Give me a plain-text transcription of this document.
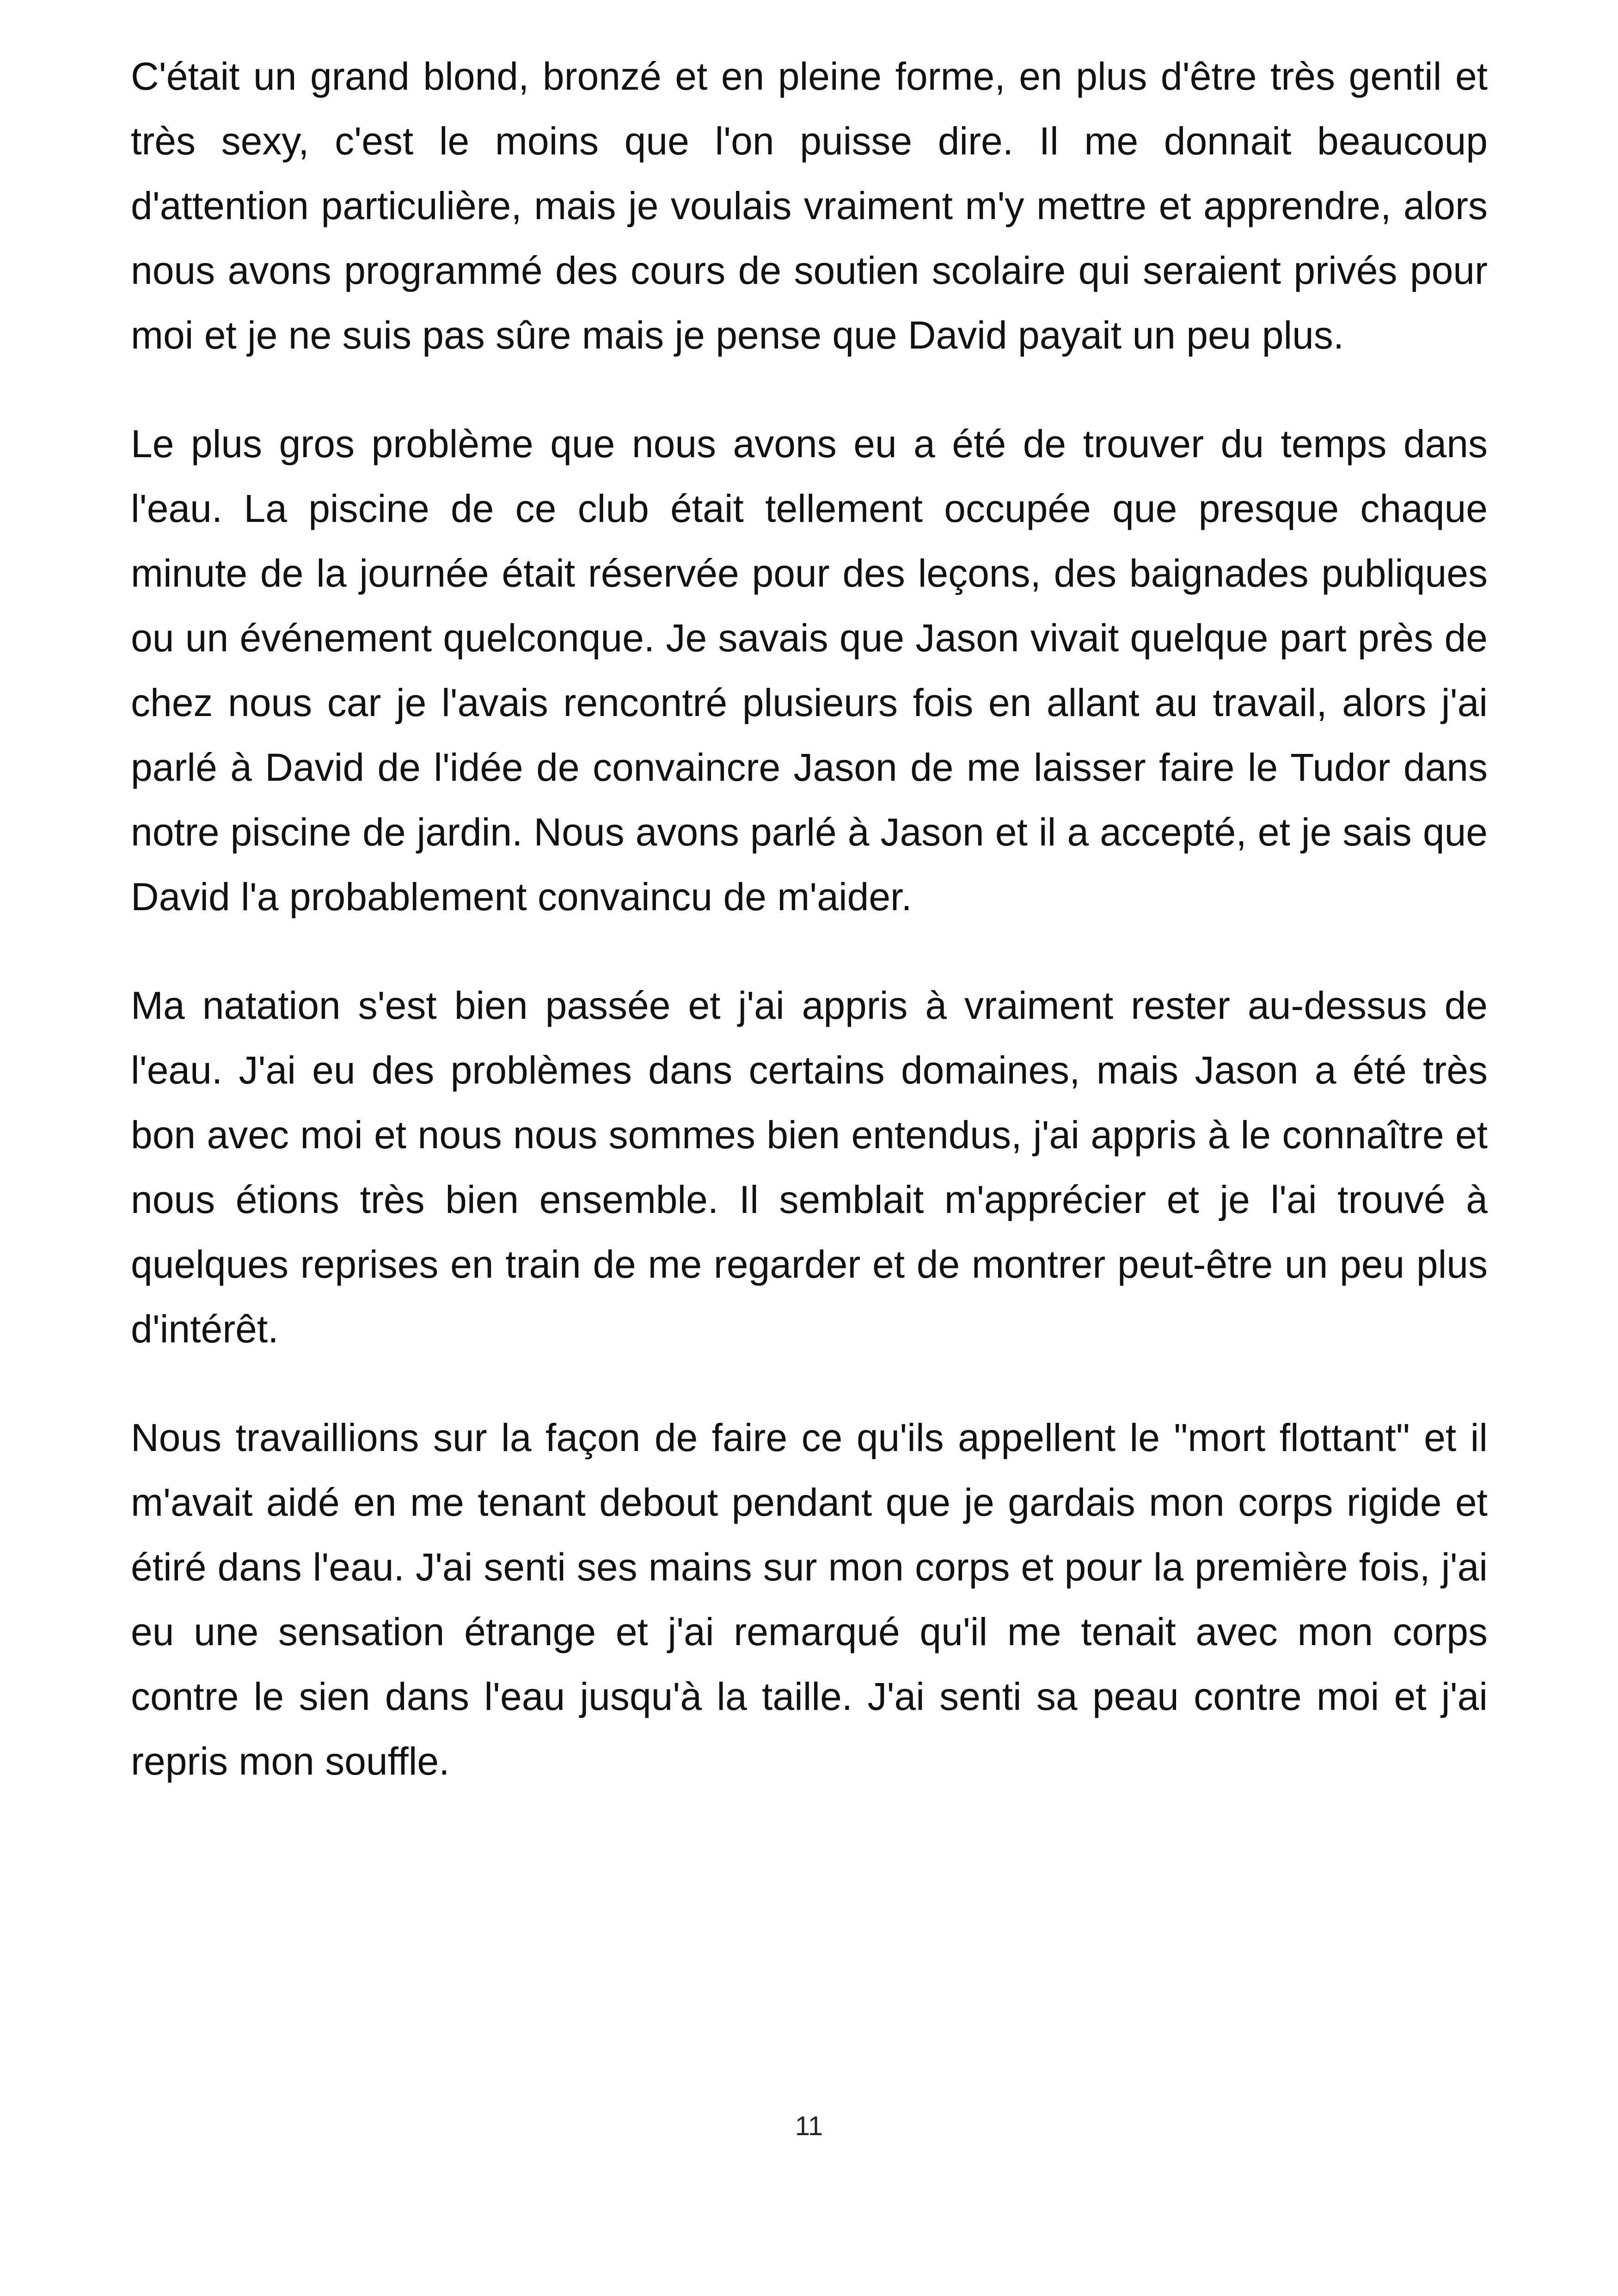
C'était un grand blond, bronzé et en pleine forme, en plus d'être très gentil et très sexy, c'est le moins que l'on puisse dire. Il me donnait beaucoup d'attention particulière, mais je voulais vraiment m'y mettre et apprendre, alors nous avons programmé des cours de soutien scolaire qui seraient privés pour moi et je ne suis pas sûre mais je pense que David payait un peu plus.

Le plus gros problème que nous avons eu a été de trouver du temps dans l'eau. La piscine de ce club était tellement occupée que presque chaque minute de la journée était réservée pour des leçons, des baignades publiques ou un événement quelconque. Je savais que Jason vivait quelque part près de chez nous car je l'avais rencontré plusieurs fois en allant au travail, alors j'ai parlé à David de l'idée de convaincre Jason de me laisser faire le Tudor dans notre piscine de jardin. Nous avons parlé à Jason et il a accepté, et je sais que David l'a probablement convaincu de m'aider.

Ma natation s'est bien passée et j'ai appris à vraiment rester au-dessus de l'eau. J'ai eu des problèmes dans certains domaines, mais Jason a été très bon avec moi et nous nous sommes bien entendus, j'ai appris à le connaître et nous étions très bien ensemble. Il semblait m'apprécier et je l'ai trouvé à quelques reprises en train de me regarder et de montrer peut-être un peu plus d'intérêt.

Nous travaillions sur la façon de faire ce qu'ils appellent le "mort flottant" et il m'avait aidé en me tenant debout pendant que je gardais mon corps rigide et étiré dans l'eau. J'ai senti ses mains sur mon corps et pour la première fois, j'ai eu une sensation étrange et j'ai remarqué qu'il me tenait avec mon corps contre le sien dans l'eau jusqu'à la taille. J'ai senti sa peau contre moi et j'ai repris mon souffle.

11
